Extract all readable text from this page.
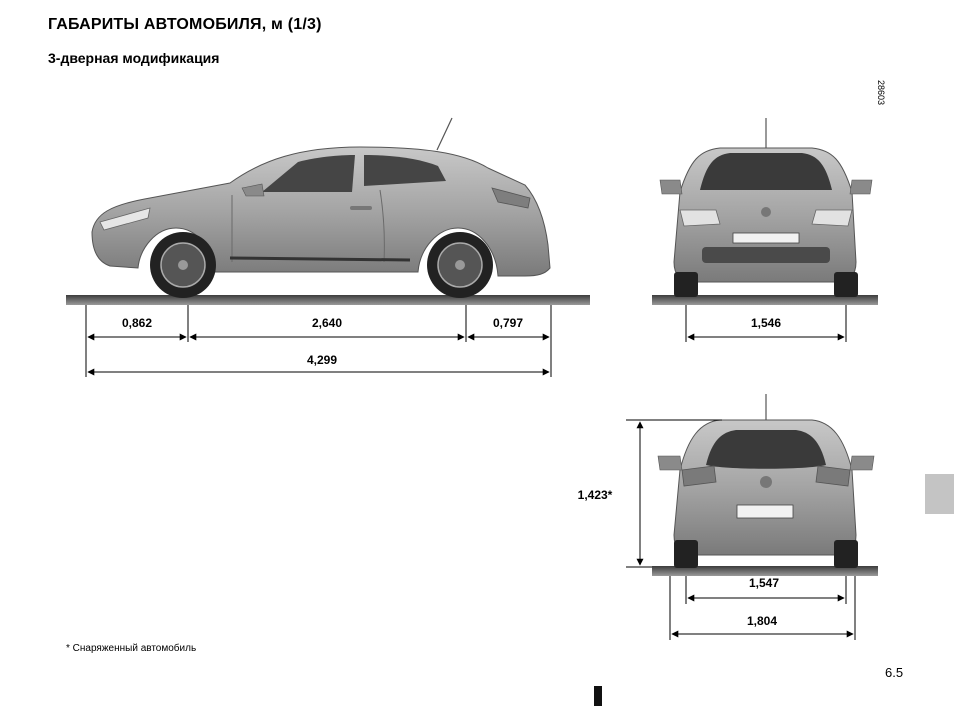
ГАБАРИТЫ АВТОМОБИЛЯ, м (1/3)
3-дверная модификация
28603
0,862	2,640	0,797
4,299
1,546
1,423*
1,547
1,804
* Снаряженный автомобиль
6.5
